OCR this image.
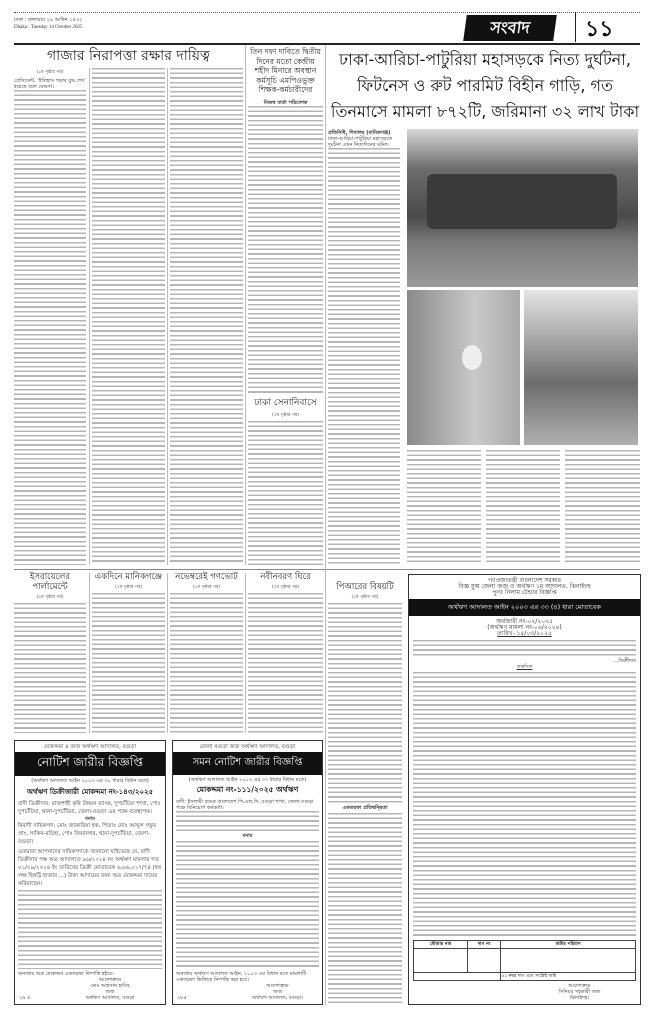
ঢাকা : মঙ্গলবার ২৯ আশ্বিন ১৪৩২
Dhaka : Tuesday 14 October 2025	সংবাদ	১১
গাজার নিরাপত্তা রক্ষার দায়িত্ব
(১ম পৃষ্ঠার পর)
প্রেসিডেন্ট, ‘ইতিহাস গড়ার যুদ্ধ শেষ’ হয়েছে বলে ঘোষণা।
তিন দফা দাবিতে দ্বিতীয় দিনের মতো কেন্দ্রীয় শহীদ মিনারে অবস্থান কর্মসূচি এমপিওভুক্ত শিক্ষক-কর্মচারীদের
নিজস্ব বার্তা পরিবেশক
ঢাকা সেনানিবাসে
(১ম পৃষ্ঠার পর)
ঢাকা-আরিচা-পাটুরিয়া মহাসড়কে নিত্য দুর্ঘটনা, ফিটনেস ও রুট পারমিট বিহীন গাড়ি, গত তিনমাসে মামলা ৮৭২টি, জরিমানা ৩২ লাখ টাকা
প্রতিনিধি, শিবালয় (মানিকগঞ্জ)
ঢাকা-আরিচা-পাটুরিয়া মহাসড়কে দুর্ঘটনা এখন নিত্যদিনের ঘটনা।
ইসরায়েলের পার্লামেন্টে
(১ম পৃষ্ঠার পর)
একদিনে মানিকগঞ্জে
(১ম পৃষ্ঠার পর)
নভেম্বরেই গণভোট
(১ম পৃষ্ঠার পর)
নবীনবরণ ঘিরে
(১ম পৃষ্ঠার পর)	পিআরের বিষয়টি
(১ম পৃষ্ঠার পর)
একতরফা প্রতিদ্বন্দ্বিতা
মোকদ্দমা ৪ জজ অর্থঋণ আদালত, বগুড়া
নোটিশ জারীর বিজ্ঞপ্তি
(অর্থঋণ আদালত আইন ২০০৩ এর ৩০ ধারার বিধান মতে)
অর্থঋণ ডিক্রীজারী মোকদ্দমা নং-১৪৩/২০২৫
বাদী ডিক্রীদার: রাজশাহী কৃষি উন্নয়ন ব্যাংক, দুপচাঁচিয়া শাখা, পোঃ দুপচাঁচিয়া, থানা-দুপচাঁচিয়া, জেলা-বগুড়া এর পক্ষে ব্যবস্থাপক।
বনাম
বিবাদী দায়িকগণ: মোঃ জাকারিয়া হক, পিতাঃ মোঃ আব্দুল গফুর প্রাং, সাকিন-বড়িহা, পোঃ জিয়ানগর, থানা-দুপচাঁচিয়া, জেলা-বগুড়া।
এতদ্বারা আপনাদের দায়িকগণকে জানানো যাইতেছে যে, বাদী ডিক্রীদার পক্ষ অত্র আদালতে ৯৬/২০২৪ নং অর্থঋণ মামলার গত ০১/০৯/২০২৪ ইং তারিখের ডিক্রী মোতাবেক ৬,৬৬,০১৭/৭৪ (ছয় লক্ষ ছিষট্টি হাজার ...) টাকা আদায়ের জন্য অত্র মোকদ্দমা দায়ের করিয়াছেন।
অন্যথায় অত্র মোকদ্দমা একতরফা নিষ্পত্তি হইবে।
আদেশক্রমে
মোঃ আহসান হাবিব
জজ
অর্থঋণ আদালত, বগুড়া
২৯ ৫
জেলা বগুড়া জজ অর্থঋণ আদালত, বগুড়া
সমন নোটিশ জারীর বিজ্ঞপ্তি
(অর্থঋণ আদালত আইন ২০০৩ এর ৩৭ ধারার বিধান মতে)
মোকদ্দমা নং-১১১/২০২৫ অর্থঋণ
বাদী: ইসলামী ব্যাংক বাংলাদেশ পি.এল.সি, বগুড়া শাখা, জেলা-বগুড়া পক্ষে বিনিয়োগ কর্মকর্তা।
বনাম
অন্যথায় অর্থঋণ আদালত আইন, ২০০৩ এর বিধান মতে মামলাটি একতরফা ভিত্তিতে নিষ্পত্তি করা হবে।
আদেশক্রমে
জজ
অর্থঋণ আদালত, বগুড়া।
২৮৫
গণপ্রজাতন্ত্রী বাংলাদেশ সরকার
বিজ্ঞ যুগ্ম জেলা জজ ও অর্থঋণ ১ম আদালত, ঝিনাইদহ
পুনঃ নিলাম টেন্ডার বিজ্ঞপ্তি
অর্থঋণ আদালত আইন ২০০৩ এর ৩৩ (৪) ধারা মোতাবেক
অর্থজারী নং-০২/২০২৫
(অর্থঋণ মামলা নং-০৬/২০২৪)
তারিখ- ১৫/০৩/২০২৫
...ডিক্রীদার
তফসিল
মৌজার নাম	দাগ নং	জমির পরিমাণ

		৫১ নম্বর দাগ এবং সংশ্লিষ্ট জমি
আদেশক্রমে
সিনিয়র সহকারী জজ
ঝিনাইদহ।
